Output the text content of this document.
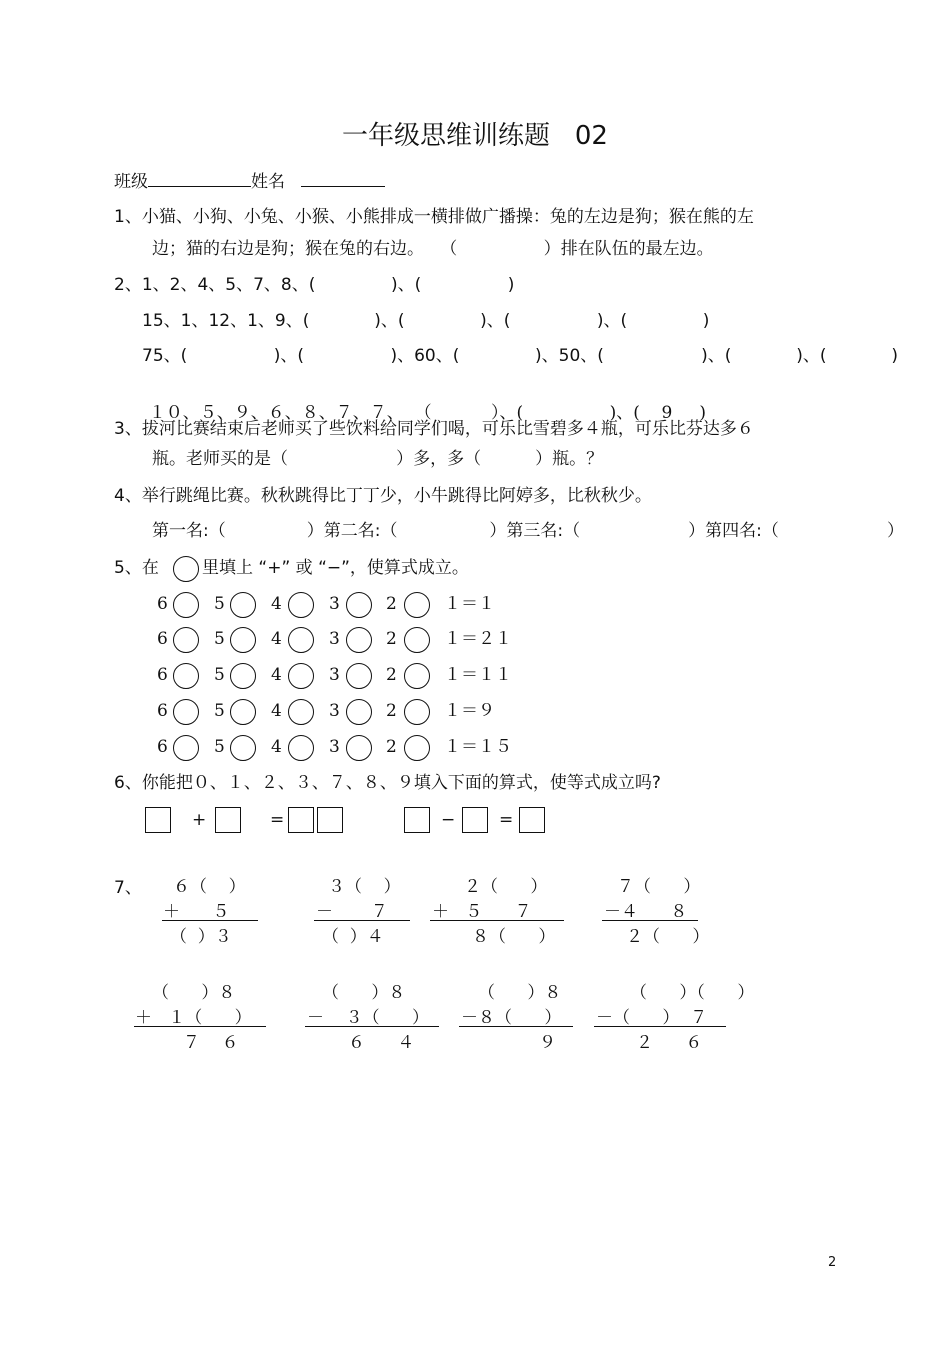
一年级思维训练题 02
班级	姓名
1、小猫、小狗、小兔、小猴、小熊排成一横排做广播操：兔的左边是狗；猴在熊的左
边；猫的右边是狗；猴在兔的右边。 （                ）排在队伍的最左边。
2、1、2、4、5、7、8、(              )、(                )
15、1、12、1、9、(            )、(              )、(                )、(              )
75、(                )、(                )、60、(              )、50、(                  )、(            )、(            )

１０、５、９、６、８、７、７、  （           ）、(                )、( 9 )

3、拔河比赛结束后老师买了些饮料给同学们喝，可乐比雪碧多４瓶，可乐比芬达多６
瓶。老师买的是（                    ）多，多（          ）瓶。？
4、举行跳绳比赛。秋秋跳得比丁丁少，小牛跳得比阿婷多，比秋秋少。
第一名:（               ）第二名:（                 ）第三名:（                    ）第四名:（                    ）
5、在	里填上 “+” 或 “−”，使算式成立。
6	5	4	3	2	１＝１
6	5	4	3	2	１＝２１
6	5	4	3	2	１＝１１
6	5	4	3	2	１＝９
6	5	4	3	2	１＝１５
6、你能把０、１、２、３、７、８、９填入下面的算式，使等式成立吗?
+	=	−	=
7、 ６（    ）
＋      ５
（  ）３
３（    ）
－       ７
（  ）４
２（      ）
＋   ５      ７
８（      ）
７（      ）
－４      ８
２（      ）
（      ）８
＋   １（      ）
７    ６
（      ）８
－    ３（      ）
６      ４
（      ）８
－８（      ）
９
（      ）（      ）
－（      ）  ７
２      ６
2
